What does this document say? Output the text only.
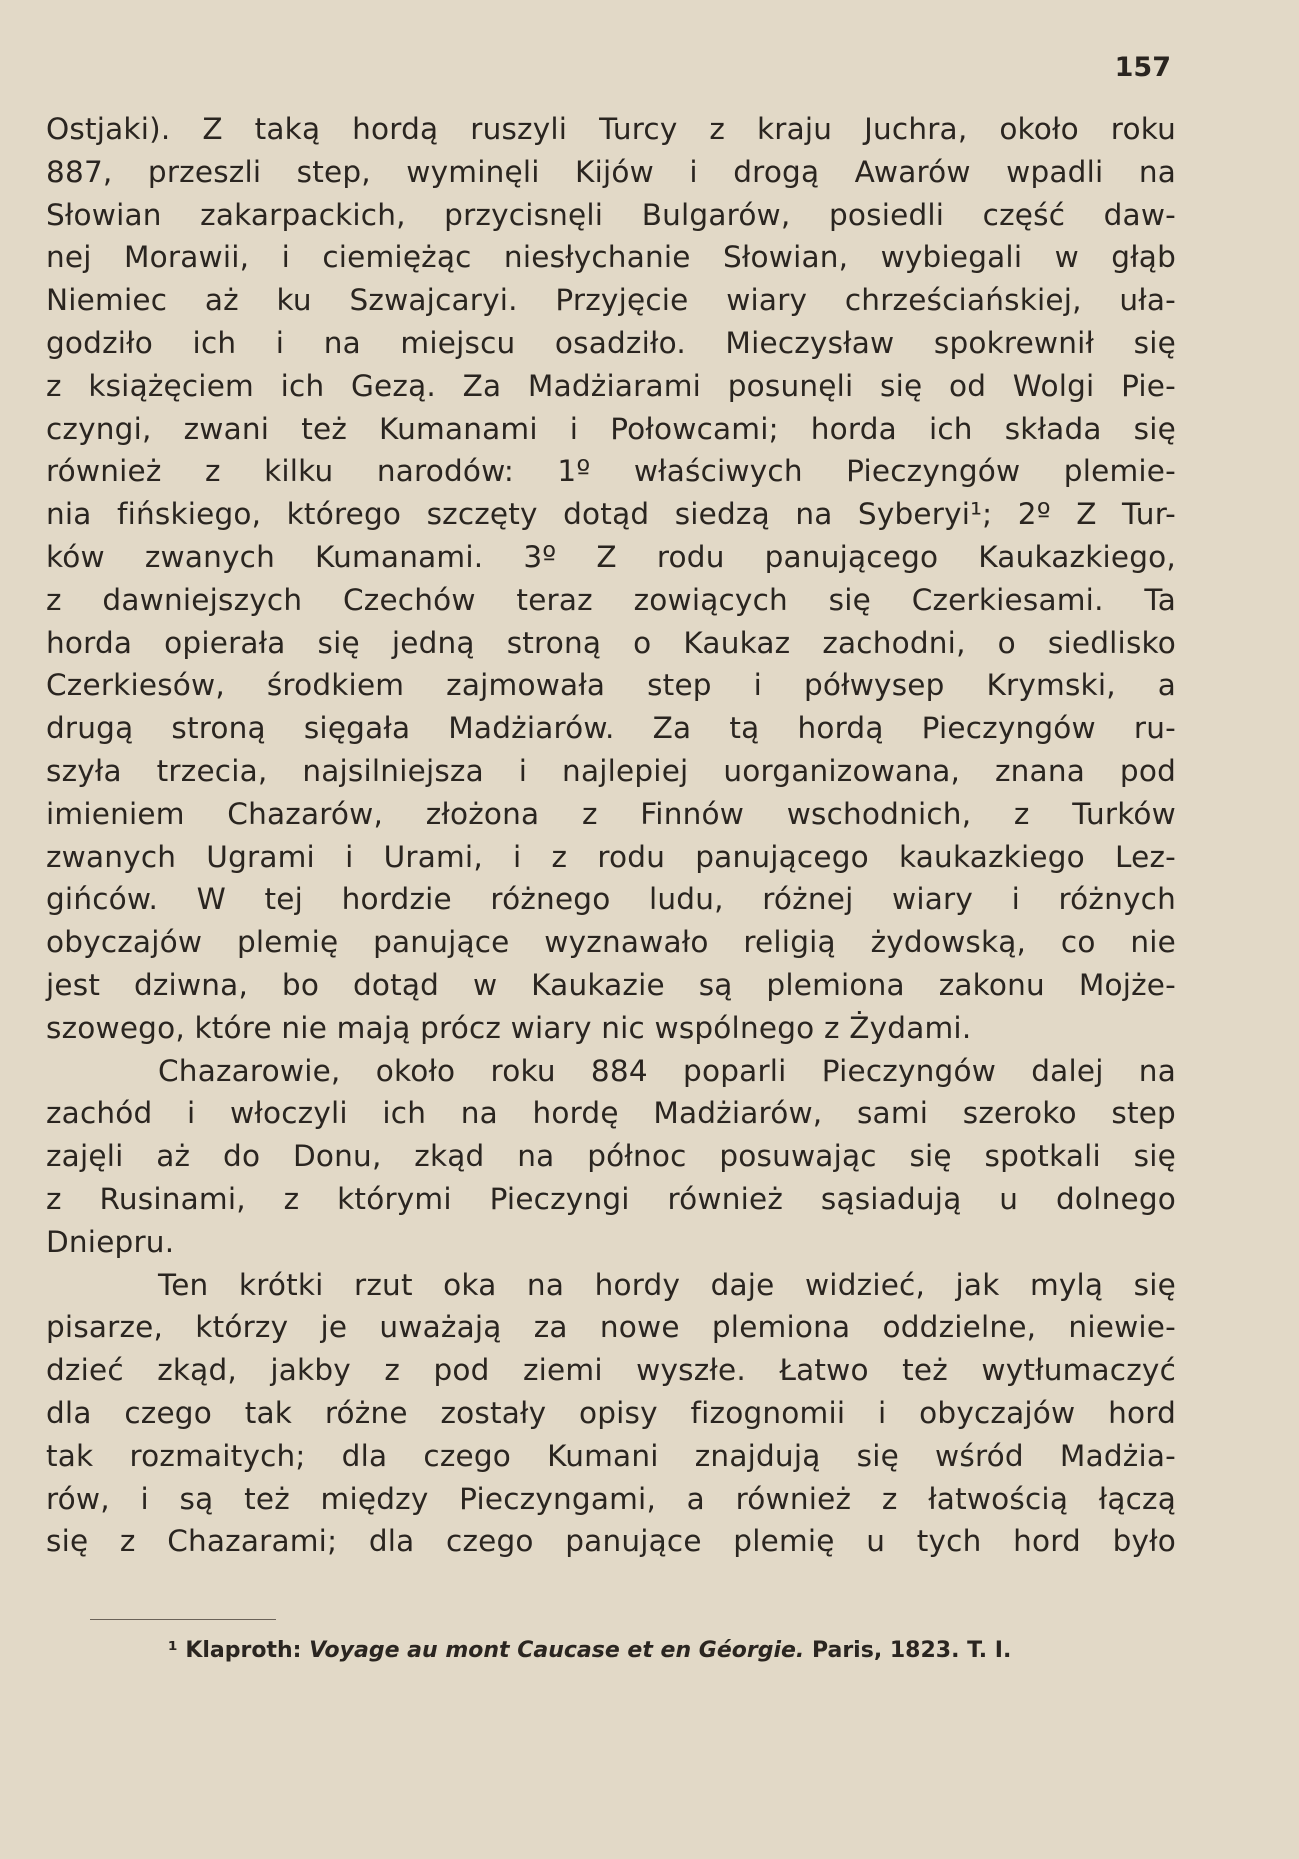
157
Ostjaki). Z taką hordą ruszyli Turcy z kraju Juchra, około roku
887, przeszli step, wyminęli Kijów i drogą Awarów wpadli na
Słowian zakarpackich, przycisnęli Bulgarów, posiedli część daw-
nej Morawii, i ciemiężąc niesłychanie Słowian, wybiegali w głąb
Niemiec aż ku Szwajcaryi. Przyjęcie wiary chrześciańskiej, uła-
godziło ich i na miejscu osadziło. Mieczysław spokrewnił się
z książęciem ich Gezą. Za Madżiarami posunęli się od Wolgi Pie-
czyngi, zwani też Kumanami i Połowcami; horda ich składa się
również z kilku narodów: 1º właściwych Pieczyngów plemie-
nia fińskiego, którego szczęty dotąd siedzą na Syberyi¹; 2º Z Tur-
ków zwanych Kumanami. 3º Z rodu panującego Kaukazkiego,
z dawniejszych Czechów teraz zowiących się Czerkiesami. Ta
horda opierała się jedną stroną o Kaukaz zachodni, o siedlisko
Czerkiesów, środkiem zajmowała step i półwysep Krymski, a
drugą stroną sięgała Madżiarów. Za tą hordą Pieczyngów ru-
szyła trzecia, najsilniejsza i najlepiej uorganizowana, znana pod
imieniem Chazarów, złożona z Finnów wschodnich, z Turków
zwanych Ugrami i Urami, i z rodu panującego kaukazkiego Lez-
gińców. W tej hordzie różnego ludu, różnej wiary i różnych
obyczajów plemię panujące wyznawało religią żydowską, co nie
jest dziwna, bo dotąd w Kaukazie są plemiona zakonu Mojże-
szowego, które nie mają prócz wiary nic wspólnego z Żydami.
Chazarowie, około roku 884 poparli Pieczyngów dalej na
zachód i włoczyli ich na hordę Madżiarów, sami szeroko step
zajęli aż do Donu, zkąd na północ posuwając się spotkali się
z Rusinami, z którymi Pieczyngi również sąsiadują u dolnego
Dniepru.
Ten krótki rzut oka na hordy daje widzieć, jak mylą się
pisarze, którzy je uważają za nowe plemiona oddzielne, niewie-
dzieć zkąd, jakby z pod ziemi wyszłe. Łatwo też wytłumaczyć
dla czego tak różne zostały opisy fizognomii i obyczajów hord
tak rozmaitych; dla czego Kumani znajdują się wśród Madżia-
rów, i są też między Pieczyngami, a również z łatwością łączą
się z Chazarami; dla czego panujące plemię u tych hord było
¹ Klaproth: Voyage au mont Caucase et en Géorgie. Paris, 1823. T. I.
